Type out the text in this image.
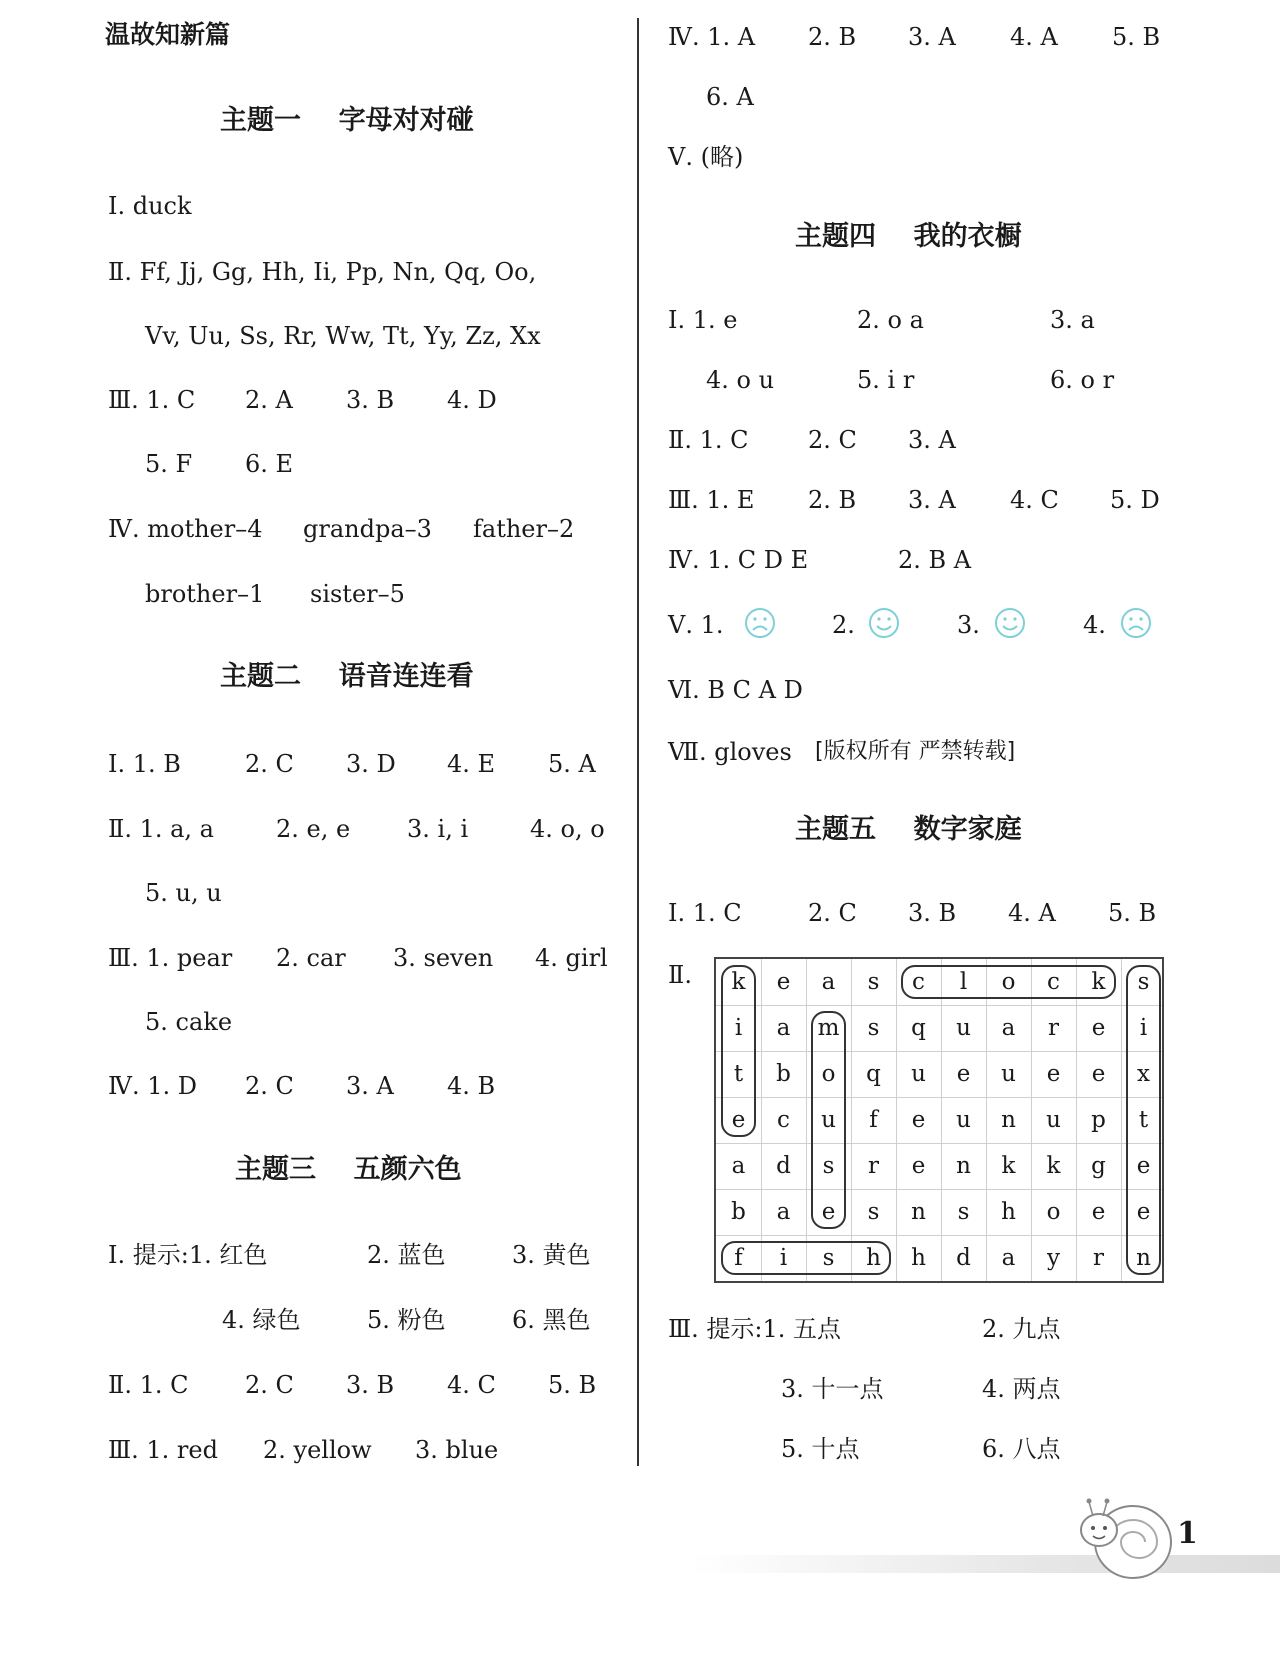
温故知新篇
主题一    字母对对碰
Ⅰ. duck
Ⅱ. Ff, Jj, Gg, Hh, Ii, Pp, Nn, Qq, Oo,
Vv, Uu, Ss, Rr, Ww, Tt, Yy, Zz, Xx
Ⅲ. 1. C 2. A 3. B 4. D
5. F 6. E
Ⅳ. mother–4 grandpa–3 father–2
brother–1 sister–5
主题二    语音连连看
Ⅰ. 1. B	2. C 3. D 4. E 5. A
Ⅱ. 1. a, a	2. e, e 3. i, i	4. o, o
5. u, u
Ⅲ. 1. pear 2. car 3. seven 4. girl
5. cake
Ⅳ. 1. D 2. C 3. A 4. B
主题三    五颜六色
Ⅰ. 提示:1. 红色	2. 蓝色	3. 黄色
4. 绿色	5. 粉色	6. 黑色
Ⅱ. 1. C 2. C 3. B 4. C 5. B
Ⅲ. 1. red 2. yellow 3. blue
Ⅳ. 1. A 2. B 3. A 4. A 5. B
6. A
Ⅴ. (略)
主题四    我的衣橱
Ⅰ. 1. e	2. o a	3. a
4. o u	5. i r	6. o r
Ⅱ. 1. C 2. C 3. A
Ⅲ. 1. E 2. B 3. A 4. C 5. D
Ⅳ. 1. C D E	2. B A
Ⅴ. 1.	2.	3.	4.
Ⅵ. B C A D
Ⅶ. gloves [版权所有 严禁转载]
主题五    数字家庭
Ⅰ. 1. C	2. C 3. B 4. A 5. B
Ⅱ.	k	e	a	s	c	l	o	c	k	s
i	a	m	s	q	u	a	r	e	i
t	b	o	q	u	e	u	e	e	x
e	c	u	f	e	u	n	u	p	t
a	d	s	r	e	n	k	k	g	e
b	a	e	s	n	s	h	o	e	e
f	i	s	h	h	d	a	y	r	n
Ⅲ. 提示:1. 五点	2. 九点
3. 十一点	4. 两点
5. 十点	6. 八点
1
